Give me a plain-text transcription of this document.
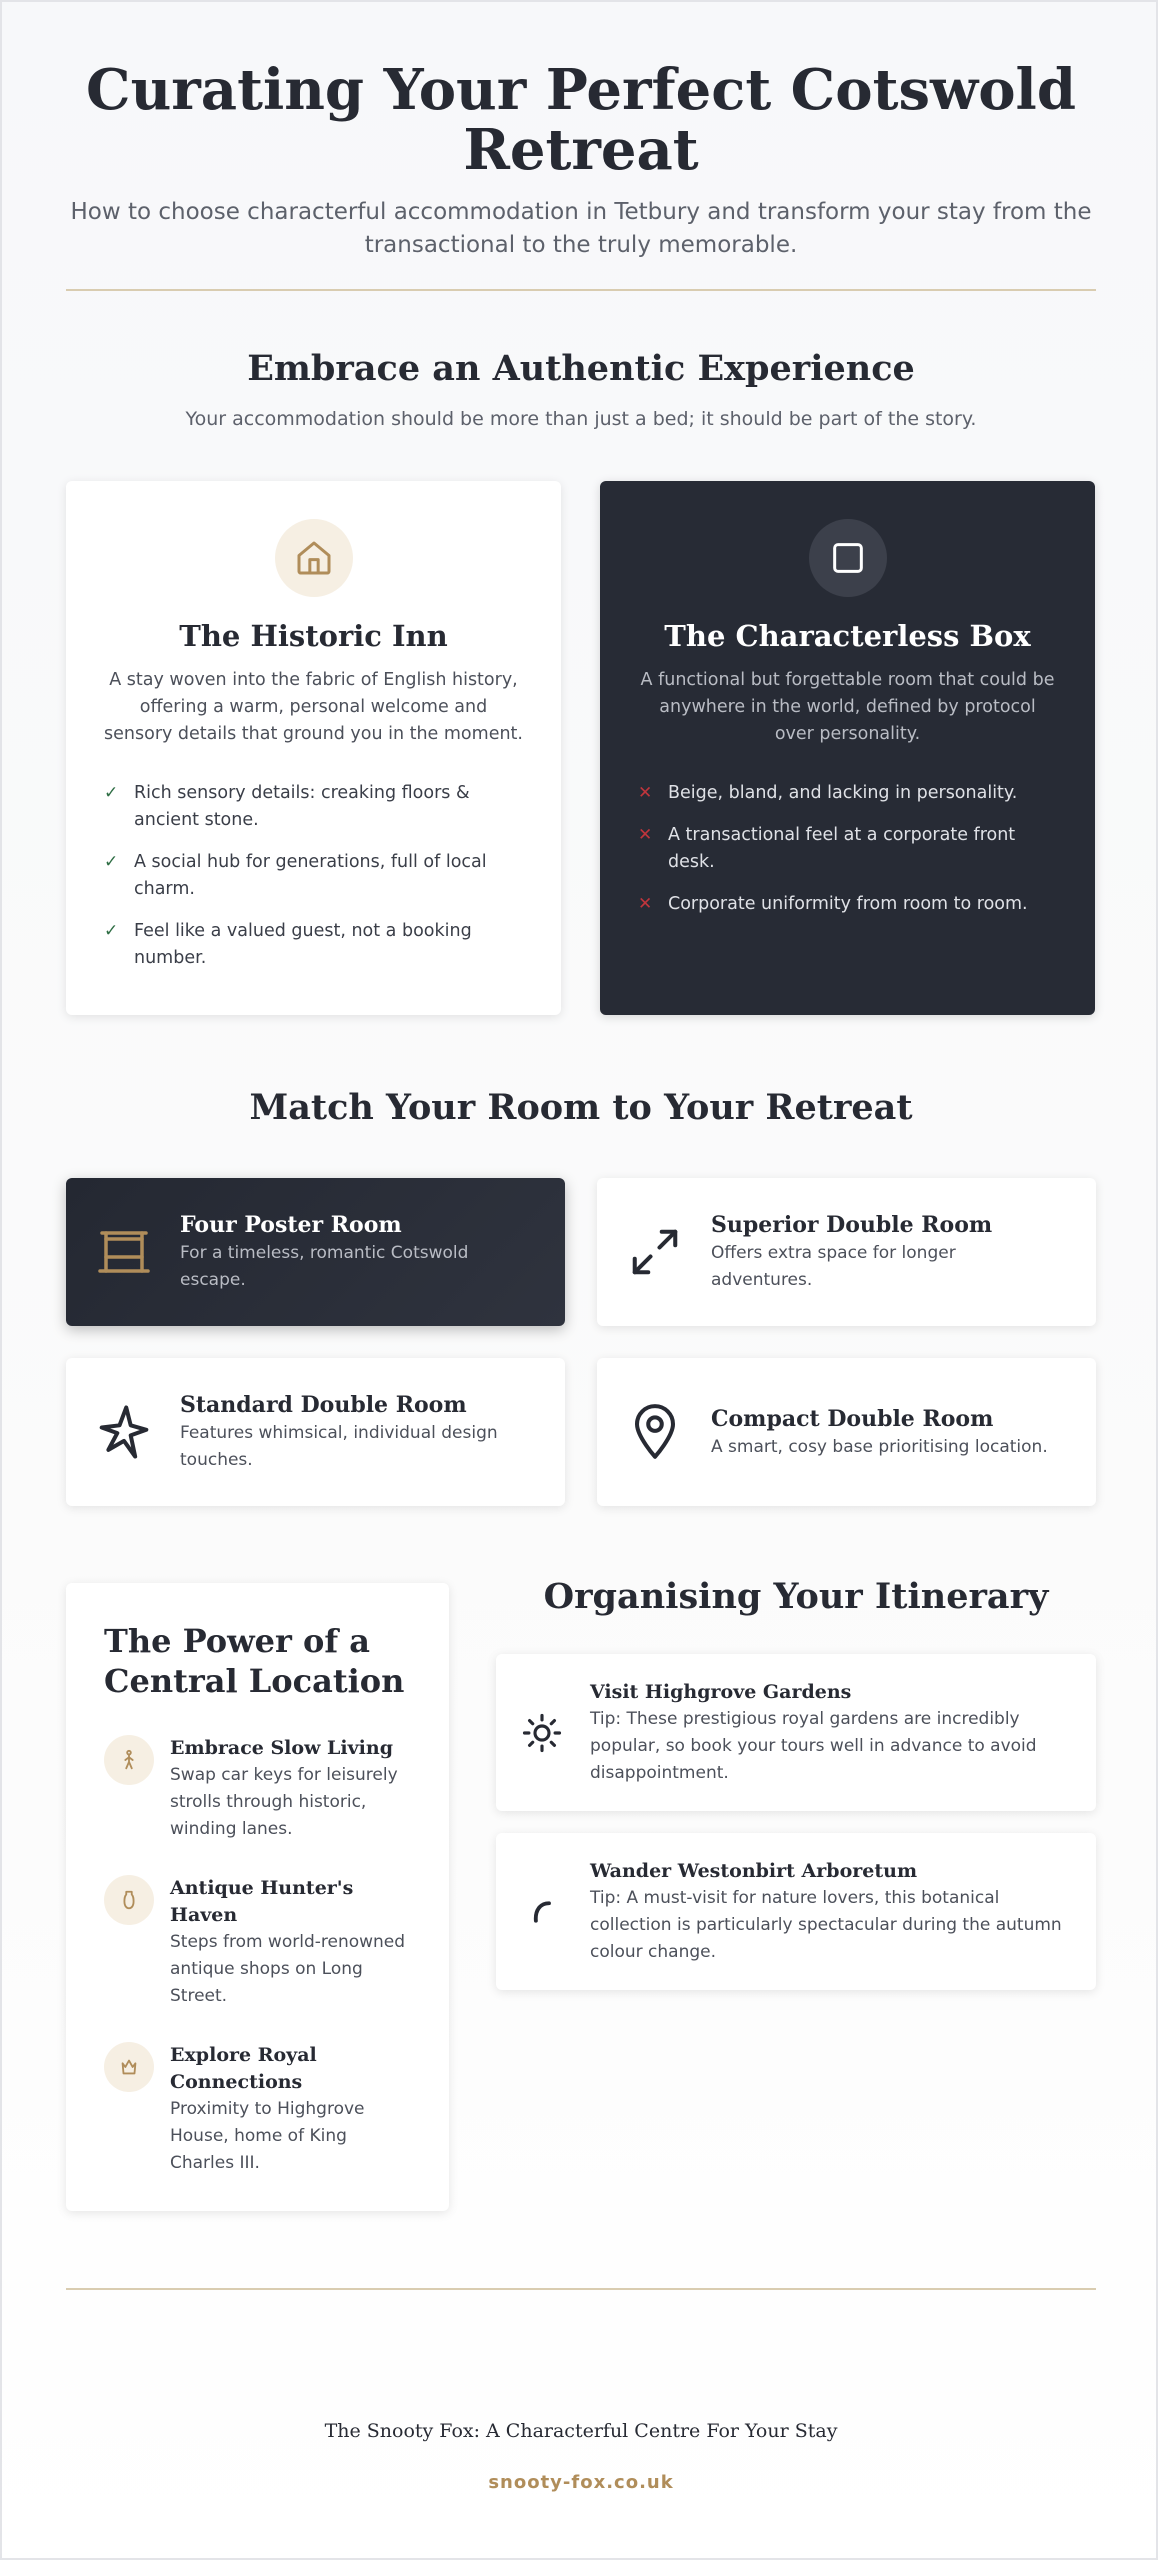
Curating Your Perfect Cotswold Retreat

How to choose characterful accommodation in Tetbury and transform your stay from the transactional to the truly memorable.

Embrace an Authentic Experience

Your accommodation should be more than just a bed; it should be part of the story.

The Historic Inn

A stay woven into the fabric of English history, offering a warm, personal welcome and sensory details that ground you in the moment.

✓ Rich sensory details: creaking floors & ancient stone.
✓ A social hub for generations, full of local charm.
✓ Feel like a valued guest, not a booking number.
The Characterless Box

A functional but forgettable room that could be anywhere in the world, defined by protocol over personality.

✕ Beige, bland, and lacking in personality.
✕ A transactional feel at a corporate front desk.
✕ Corporate uniformity from room to room.
Match Your Room to Your Retreat
Four Poster Room
For a timeless, romantic Cotswold escape.
Superior Double Room
Offers extra space for longer adventures.
Standard Double Room
Features whimsical, individual design touches.
Compact Double Room
A smart, cosy base prioritising location.
The Power of a Central Location
Embrace Slow Living
Swap car keys for leisurely strolls through historic, winding lanes.
Antique Hunter's Haven
Steps from world-renowned antique shops on Long Street.
Explore Royal Connections
Proximity to Highgrove House, home of King Charles III.
Organising Your Itinerary
Visit Highgrove Gardens
Tip: These prestigious royal gardens are incredibly popular, so book your tours well in advance to avoid disappointment.
Wander Westonbirt Arboretum
Tip: A must-visit for nature lovers, this botanical collection is particularly spectacular during the autumn colour change.

The Snooty Fox: A Characterful Centre For Your Stay

snooty-fox.co.uk
